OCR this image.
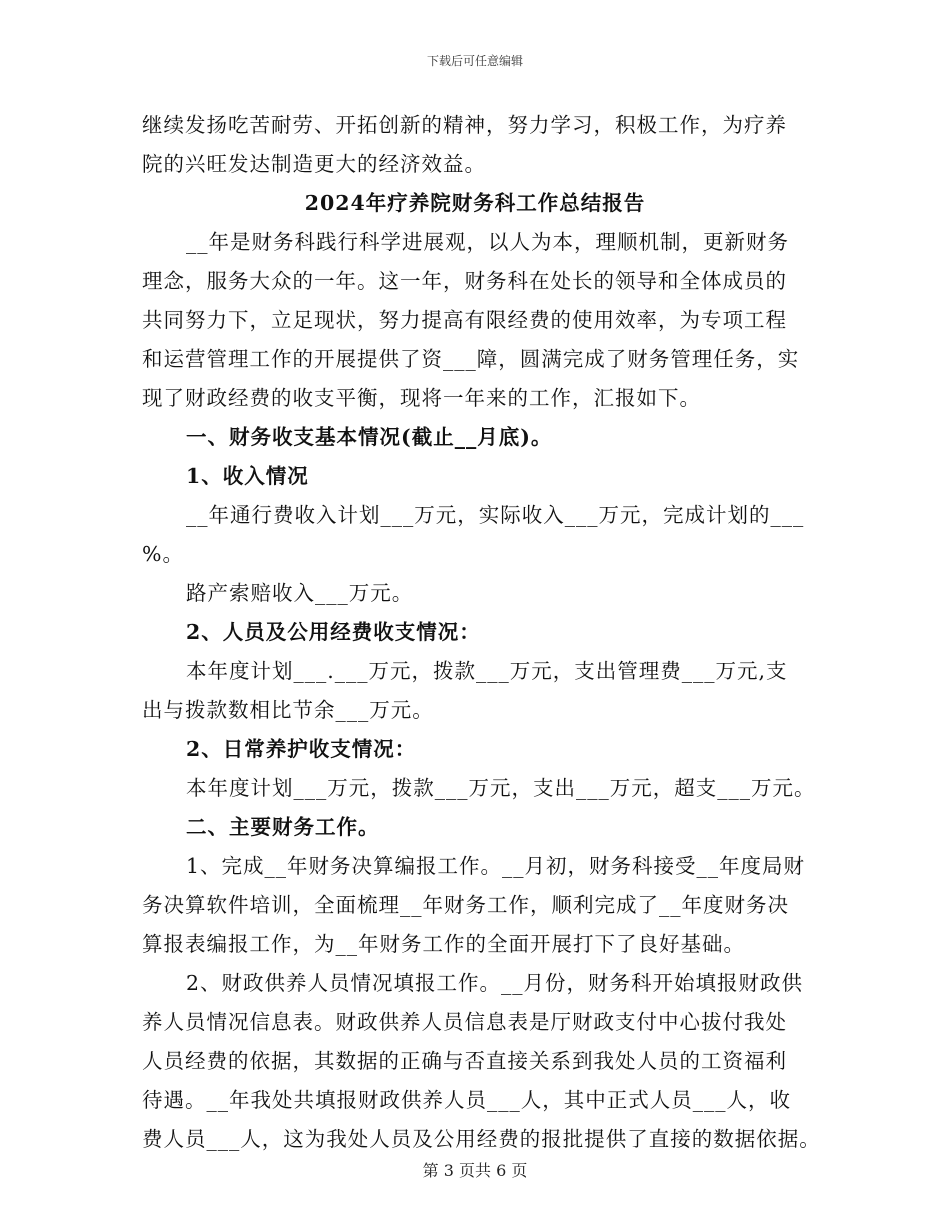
下载后可任意编辑
继续发扬吃苦耐劳、开拓创新的精神，努力学习，积极工作，为疗养
院的兴旺发达制造更大的经济效益。
2024年疗养院财务科工作总结报告
__年是财务科践行科学进展观，以人为本，理顺机制，更新财务
理念，服务大众的一年。这一年，财务科在处长的领导和全体成员的
共同努力下，立足现状，努力提高有限经费的使用效率，为专项工程
和运营管理工作的开展提供了资___障，圆满完成了财务管理任务，实
现了财政经费的收支平衡，现将一年来的工作，汇报如下。
一、财务收支基本情况(截止__月底)。
1、收入情况
__年通行费收入计划___万元，实际收入___万元，完成计划的___
%。
路产索赔收入___万元。
2、人员及公用经费收支情况：
本年度计划___.___万元，拨款___万元，支出管理费___万元,支
出与拨款数相比节余___万元。
2、日常养护收支情况：
本年度计划___万元，拨款___万元，支出___万元，超支___万元。
二、主要财务工作。
1、完成__年财务决算编报工作。__月初，财务科接受__年度局财
务决算软件培训，全面梳理__年财务工作，顺利完成了__年度财务决
算报表编报工作，为__年财务工作的全面开展打下了良好基础。
2、财政供养人员情况填报工作。__月份，财务科开始填报财政供
养人员情况信息表。财政供养人员信息表是厅财政支付中心拔付我处
人员经费的依据，其数据的正确与否直接关系到我处人员的工资福利
待遇。__年我处共填报财政供养人员___人，其中正式人员___人，收
费人员___人，这为我处人员及公用经费的报批提供了直接的数据依据。
第 3 页共 6 页
